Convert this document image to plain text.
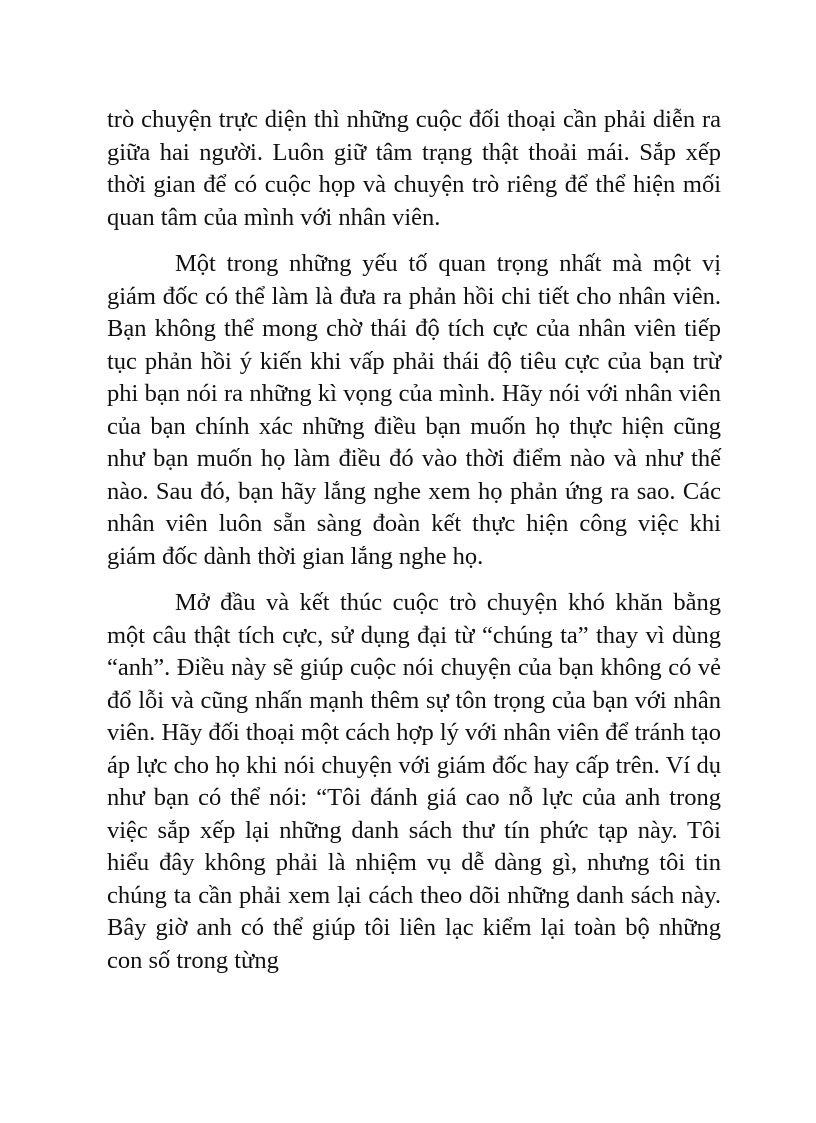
trò chuyện trực diện thì những cuộc đối thoại cần phải diễn ra giữa hai người. Luôn giữ tâm trạng thật thoải mái. Sắp xếp thời gian để có cuộc họp và chuyện trò riêng để thể hiện mối quan tâm của mình với nhân viên.

Một trong những yếu tố quan trọng nhất mà một vị giám đốc có thể làm là đưa ra phản hồi chi tiết cho nhân viên. Bạn không thể mong chờ thái độ tích cực của nhân viên tiếp tục phản hồi ý kiến khi vấp phải thái độ tiêu cực của bạn trừ phi bạn nói ra những kì vọng của mình. Hãy nói với nhân viên của bạn chính xác những điều bạn muốn họ thực hiện cũng như bạn muốn họ làm điều đó vào thời điểm nào và như thế nào. Sau đó, bạn hãy lắng nghe xem họ phản ứng ra sao. Các nhân viên luôn sẵn sàng đoàn kết thực hiện công việc khi giám đốc dành thời gian lắng nghe họ.

Mở đầu và kết thúc cuộc trò chuyện khó khăn bằng một câu thật tích cực, sử dụng đại từ “chúng ta” thay vì dùng “anh”. Điều này sẽ giúp cuộc nói chuyện của bạn không có vẻ đổ lỗi và cũng nhấn mạnh thêm sự tôn trọng của bạn với nhân viên. Hãy đối thoại một cách hợp lý với nhân viên để tránh tạo áp lực cho họ khi nói chuyện với giám đốc hay cấp trên. Ví dụ như bạn có thể nói: “Tôi đánh giá cao nỗ lực của anh trong việc sắp xếp lại những danh sách thư tín phức tạp này. Tôi hiểu đây không phải là nhiệm vụ dễ dàng gì, nhưng tôi tin chúng ta cần phải xem lại cách theo dõi những danh sách này. Bây giờ anh có thể giúp tôi liên lạc kiểm lại toàn bộ những con số trong từng
